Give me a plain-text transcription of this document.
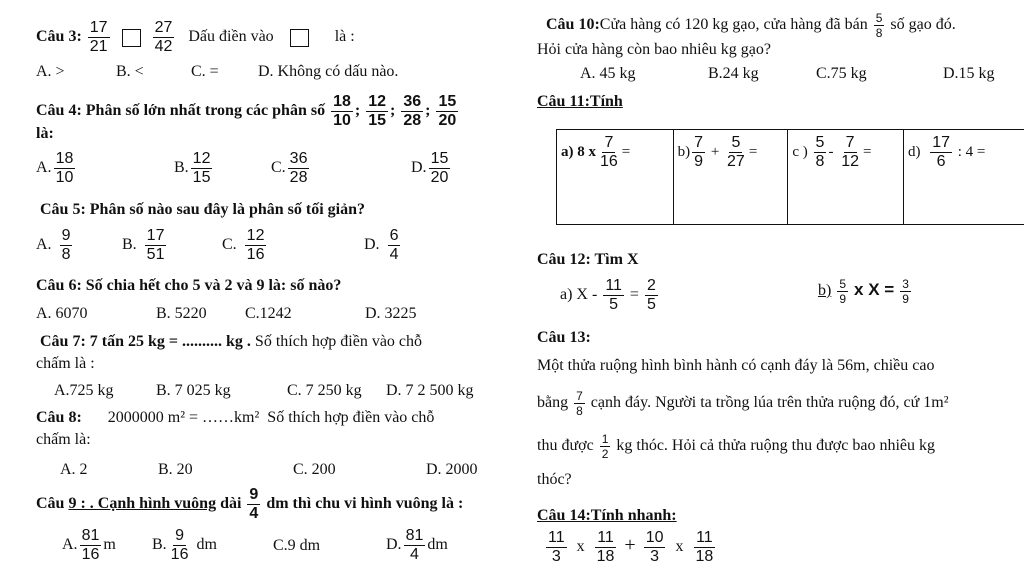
Câu 3: $\frac{17}{21}$
	$\frac{27}{42}$ Dấu điền vào	là :
A. >	B. <	C. = D. Không có dấu nào.
Câu 4: Phân số lớn nhất trong các phân số $\frac{18}{10}$ ; $\frac{12}{15}$ ; $\frac{36}{28}$ ; $\frac{15}{20}$
là:
A. $\frac{18}{10}$	B. $\frac{12}{15}$	C. $\frac{36}{28}$	D. $\frac{15}{20}$
Câu 5: Phân số nào sau đây là phân số tối giản?
A. $\frac{9}{8}$	B. $\frac{17}{51}$	C. $\frac{12}{16}$	D. $\frac{6}{4}$
Câu 6: Số chia hết cho 5 và 2 và 9 là: số nào?
A. 6070	B. 5220 C.1242	D. 3225
Câu 7: 7 tấn 25 kg = .......... kg . Số thích hợp điền vào chỗ
chấm là :
A.725 kg	B. 7 025 kg	C. 7 250 kg D. 7 2 500 kg
Câu 8: 2000000 m² = ……km² Số thích hợp điền vào chỗ
chấm là:
A. 2	B. 20	C. 200	D. 2000
Câu 9 : . Cạnh hình vuông dài $\frac{9}{4}$ dm thì chu vi hình vuông là :
A. $\frac{81}{16}$ m B. $\frac{9}{16}$ dm	C.9 dm	D. $\frac{81}{4}$ dm
Câu 10:Cửa hàng có 120 kg gạo, cửa hàng đã bán $\frac{5}{8}$ số gạo đó.
Hỏi cửa hàng còn bao nhiêu kg gạo?
A. 45 kg	B.24 kg	C.75 kg	D.15 kg
Câu 11:Tính
a) 8 x $\frac{7}{16}$ =	$b) \frac{7}{9} + \frac{5}{27}$ =	c ) $\frac{5}{8} - \frac{7}{12}$ =	$d) \frac{17}{6}$ : 4 =
Câu 12: Tìm X
a) $X - \frac{11}{5} = \frac{2}{5}$	$b) \frac{5}{9}$ x $X = \frac{3}{9}$
Câu 13:
Một thửa ruộng hình bình hành có cạnh đáy là 56m, chiều cao
bằng $\frac{7}{8}$ cạnh đáy. Người ta trồng lúa trên thửa ruộng đó, cứ 1m²
thu được $\frac{1}{2}$ kg thóc. Hỏi cả thửa ruộng thu được bao nhiêu kg
thóc?
Câu 14:Tính nhanh:
$\frac{11}{3}$ x $\frac{11}{18} + \frac{10}{3}$ x $\frac{11}{18}$
